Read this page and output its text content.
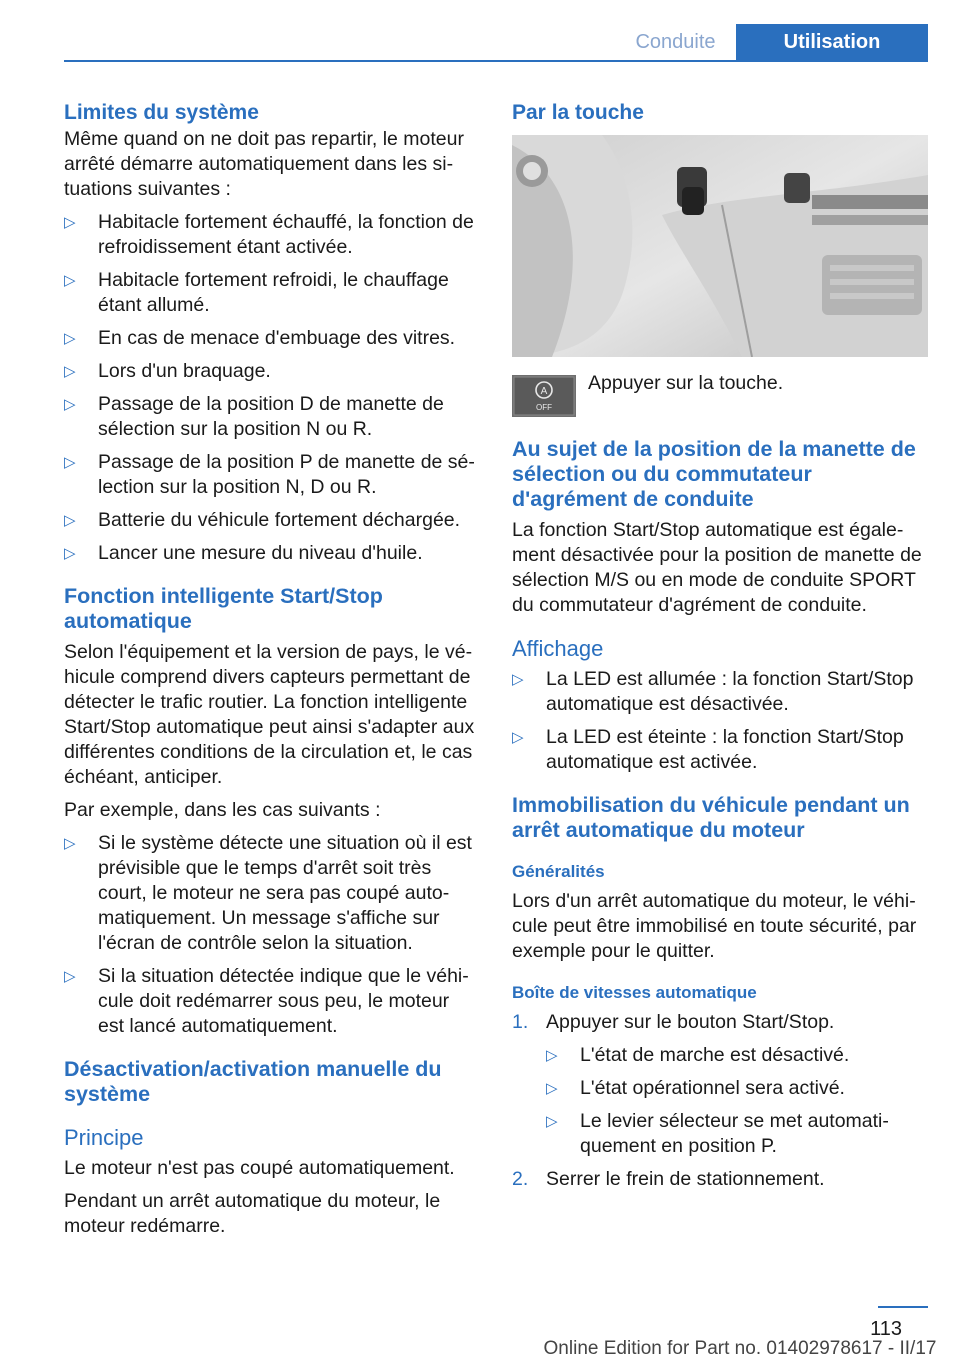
Conduite	Utilisation
Limites du système

Même quand on ne doit pas repartir, le moteur arrêté démarre automatiquement dans les situations suivantes :

▷ Habitacle fortement échauffé, la fonction de refroidissement étant activée.
▷ Habitacle fortement refroidi, le chauffage étant allumé.
▷ En cas de menace d'embuage des vitres.
▷ Lors d'un braquage.
▷ Passage de la position D de manette de sélection sur la position N ou R.
▷ Passage de la position P de manette de sélection sur la position N, D ou R.
▷ Batterie du véhicule fortement déchargée.
▷ Lancer une mesure du niveau d'huile.
Fonction intelligente Start/Stop automatique

Selon l'équipement et la version de pays, le véhicule comprend divers capteurs permettant de détecter le trafic routier. La fonction intelligente Start/Stop automatique peut ainsi s'adapter aux différentes conditions de la circulation et, le cas échéant, anticiper.

Par exemple, dans les cas suivants :

▷ Si le système détecte une situation où il est prévisible que le temps d'arrêt soit très court, le moteur ne sera pas coupé automatiquement. Un message s'affiche sur l'écran de contrôle selon la situation.
▷ Si la situation détectée indique que le véhicule doit redémarrer sous peu, le moteur est lancé automatiquement.
Désactivation/activation manuelle du système
Principe

Le moteur n'est pas coupé automatiquement.

Pendant un arrêt automatique du moteur, le moteur redémarre.

Par la touche
A
OFF
Appuyer sur la touche.
Au sujet de la position de la manette de sélection ou du commutateur d'agrément de conduite

La fonction Start/Stop automatique est également désactivée pour la position de manette de sélection M/S ou en mode de conduite SPORT du commutateur d'agrément de conduite.

Affichage
▷ La LED est allumée : la fonction Start/Stop automatique est désactivée.
▷ La LED est éteinte : la fonction Start/Stop automatique est activée.
Immobilisation du véhicule pendant un arrêt automatique du moteur
Généralités

Lors d'un arrêt automatique du moteur, le véhicule peut être immobilisé en toute sécurité, par exemple pour le quitter.

Boîte de vitesses automatique
1. Appuyer sur le bouton Start/Stop.
▷ L'état de marche est désactivé.
▷ L'état opérationnel sera activé.
▷ Le levier sélecteur se met automatiquement en position P.
2. Serrer le frein de stationnement.
113
Online Edition for Part no. 01402978617 - II/17
